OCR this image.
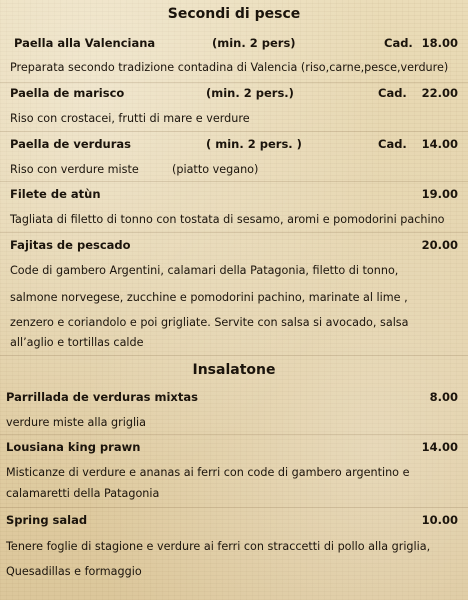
Secondi di pesce
Paella alla Valenciana	(min. 2 pers)	Cad. 18.00
Preparata secondo tradizione contadina di Valencia (riso,carne,pesce,verdure)
Paella de marisco	(min. 2 pers.)	Cad.	22.00
Riso con crostacei, frutti di mare e verdure
Paella de verduras	( min. 2 pers. )	Cad.	14.00
Riso con verdure miste	(piatto vegano)
Filete de atùn	19.00
Tagliata di filetto di tonno con tostata di sesamo, aromi e pomodorini pachino
Fajitas de pescado	20.00
Code di gambero Argentini, calamari della Patagonia, filetto di tonno,
salmone norvegese, zucchine e pomodorini pachino, marinate al lime ,
zenzero e coriandolo e poi grigliate. Servite con salsa si avocado, salsa
all’aglio e tortillas calde
Insalatone
Parrillada de verduras mixtas	8.00
verdure miste alla griglia
Lousiana king prawn	14.00
Misticanze di verdure e ananas ai ferri con code di gambero argentino e
calamaretti della Patagonia
Spring salad	10.00
Tenere foglie di stagione e verdure ai ferri con straccetti di pollo alla griglia,
Quesadillas e formaggio
